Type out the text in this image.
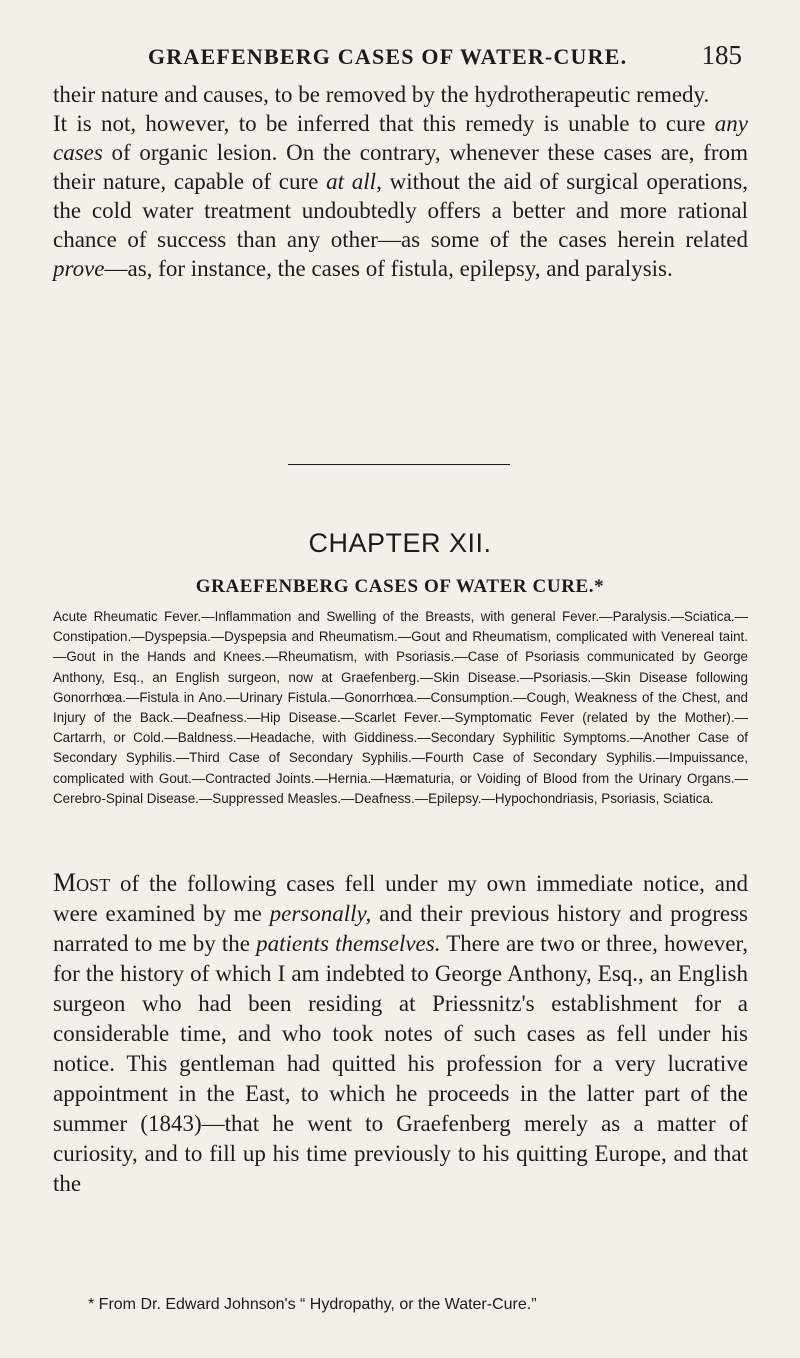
GRAEFENBERG CASES OF WATER-CURE.	185

their nature and causes, to be removed by the hydrotherapeutic remedy.

It is not, however, to be inferred that this remedy is unable to cure any cases of organic lesion. On the contrary, whenever these cases are, from their nature, capable of cure at all, without the aid of surgical operations, the cold water treatment undoubtedly offers a better and more rational chance of success than any other—as some of the cases herein related prove—as, for instance, the cases of fistula, epilepsy, and paralysis.

CHAPTER XII.
GRAEFENBERG CASES OF WATER CURE.*
Acute Rheumatic Fever.—Inflammation and Swelling of the Breasts, with general Fever.—Paralysis.—Sciatica.—Constipation.—Dyspepsia.—Dyspepsia and Rheumatism.—Gout and Rheumatism, complicated with Venereal taint.—Gout in the Hands and Knees.—Rheumatism, with Psoriasis.—Case of Psoriasis communicated by George Anthony, Esq., an English surgeon, now at Graefenberg.—Skin Disease.—Psoriasis.—Skin Disease following Gonorrhœa.—Fistula in Ano.—Urinary Fistula.—Gonorrhœa.—Consumption.—Cough, Weakness of the Chest, and Injury of the Back.—Deafness.—Hip Disease.—Scarlet Fever.—Symptomatic Fever (related by the Mother).—Cartarrh, or Cold.—Baldness.—Headache, with Giddiness.—Secondary Syphilitic Symptoms.—Another Case of Secondary Syphilis.—Third Case of Secondary Syphilis.—Fourth Case of Secondary Syphilis.—Impuissance, complicated with Gout.—Contracted Joints.—Hernia.—Hæmaturia, or Voiding of Blood from the Urinary Organs.—Cerebro-Spinal Disease.—Suppressed Measles.—Deafness.—Epilepsy.—Hypochondriasis, Psoriasis, Sciatica.

Most of the following cases fell under my own immediate notice, and were examined by me personally, and their previous history and progress narrated to me by the patients themselves. There are two or three, however, for the history of which I am indebted to George Anthony, Esq., an English surgeon who had been residing at Priessnitz's establishment for a considerable time, and who took notes of such cases as fell under his notice. This gentleman had quitted his profession for a very lucrative appointment in the East, to which he proceeds in the latter part of the summer (1843)—that he went to Graefenberg merely as a matter of curiosity, and to fill up his time previously to his quitting Europe, and that the

* From Dr. Edward Johnson's “ Hydropathy, or the Water-Cure.”
